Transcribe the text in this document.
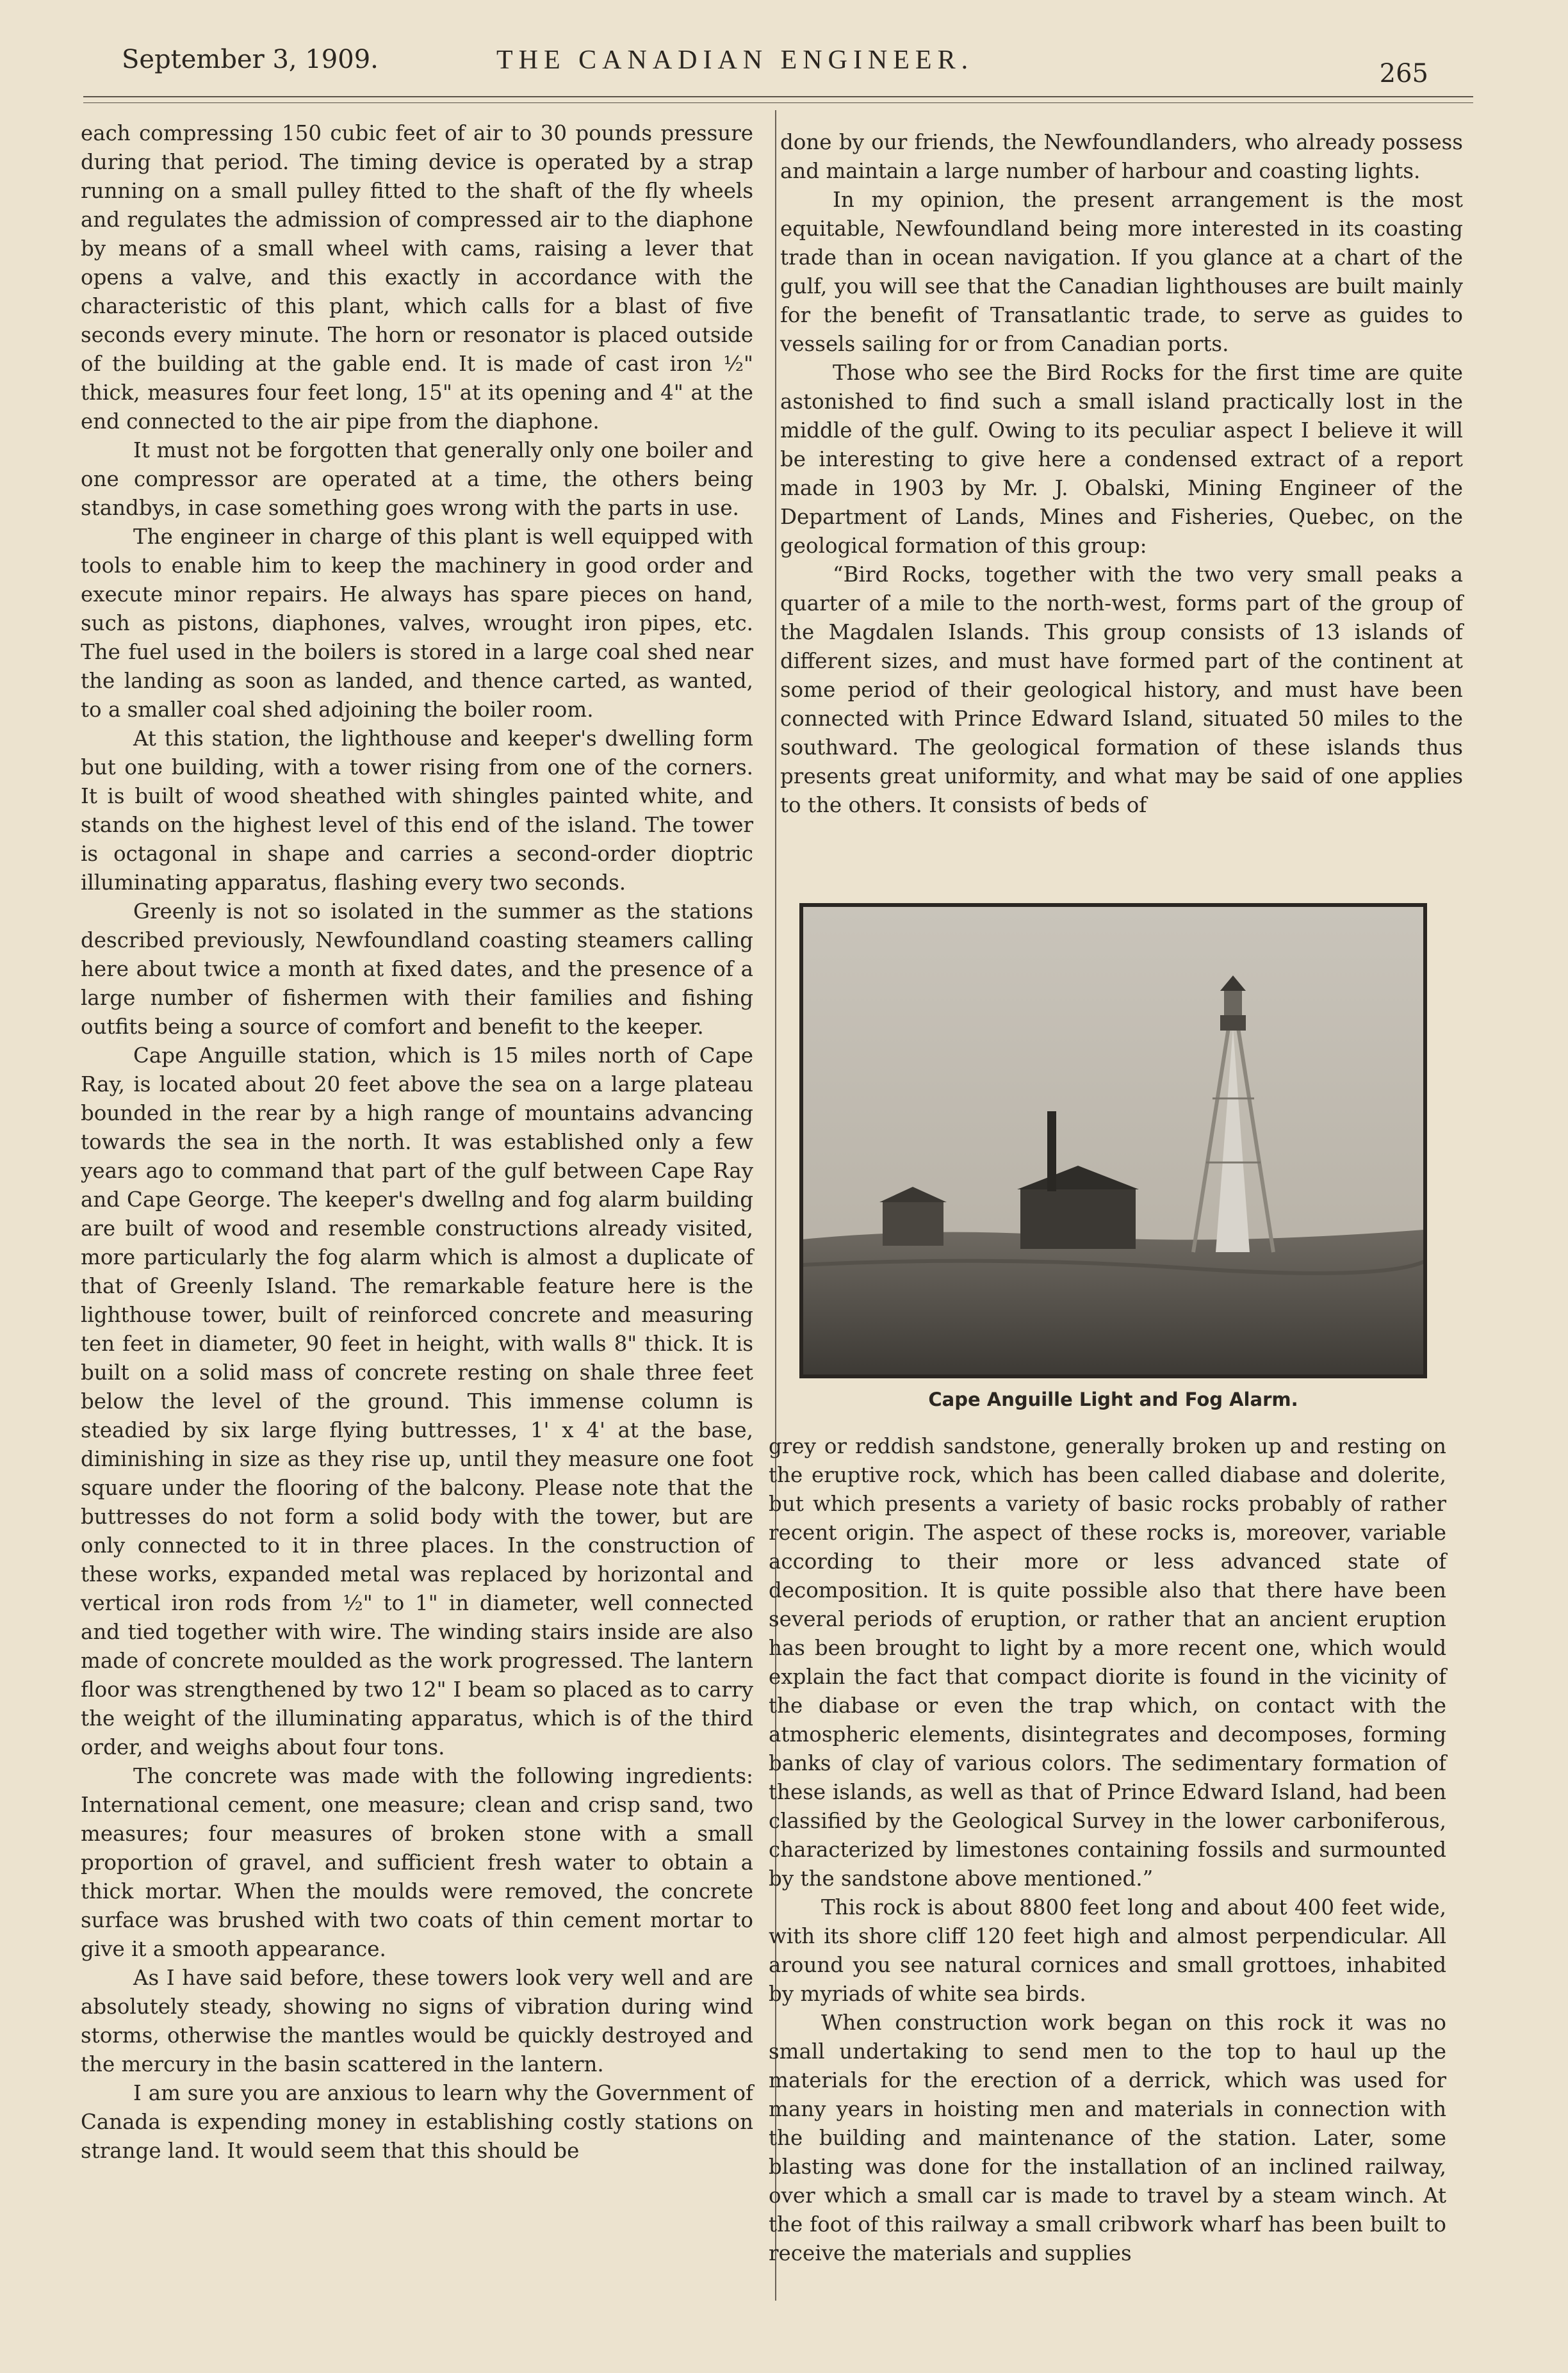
September 3, 1909.	THE CANADIAN ENGINEER.	265

each compressing 150 cubic feet of air to 30 pounds pressure during that period. The timing device is operated by a strap running on a small pulley fitted to the shaft of the fly wheels and regulates the admission of compressed air to the diaphone by means of a small wheel with cams, raising a lever that opens a valve, and this exactly in accordance with the characteristic of this plant, which calls for a blast of five seconds every minute. The horn or resonator is placed outside of the building at the gable end. It is made of cast iron ½" thick, measures four feet long, 15" at its opening and 4" at the end connected to the air pipe from the diaphone.

It must not be forgotten that generally only one boiler and one compressor are operated at a time, the others being standbys, in case something goes wrong with the parts in use.

The engineer in charge of this plant is well equipped with tools to enable him to keep the machinery in good order and execute minor repairs. He always has spare pieces on hand, such as pistons, diaphones, valves, wrought iron pipes, etc. The fuel used in the boilers is stored in a large coal shed near the landing as soon as landed, and thence carted, as wanted, to a smaller coal shed adjoining the boiler room.

At this station, the lighthouse and keeper's dwelling form but one building, with a tower rising from one of the corners. It is built of wood sheathed with shingles painted white, and stands on the highest level of this end of the island. The tower is octagonal in shape and carries a second-order dioptric illuminating apparatus, flashing every two seconds.

Greenly is not so isolated in the summer as the stations described previously, Newfoundland coasting steamers calling here about twice a month at fixed dates, and the presence of a large number of fishermen with their families and fishing outfits being a source of comfort and benefit to the keeper.

Cape Anguille station, which is 15 miles north of Cape Ray, is located about 20 feet above the sea on a large plateau bounded in the rear by a high range of mountains advancing towards the sea in the north. It was established only a few years ago to command that part of the gulf between Cape Ray and Cape George. The keeper's dwellng and fog alarm building are built of wood and resemble constructions already visited, more particularly the fog alarm which is almost a duplicate of that of Greenly Island. The remarkable feature here is the lighthouse tower, built of reinforced concrete and measuring ten feet in diameter, 90 feet in height, with walls 8" thick. It is built on a solid mass of concrete resting on shale three feet below the level of the ground. This immense column is steadied by six large flying buttresses, 1' x 4' at the base, diminishing in size as they rise up, until they measure one foot square under the flooring of the balcony. Please note that the buttresses do not form a solid body with the tower, but are only connected to it in three places. In the construction of these works, expanded metal was replaced by horizontal and vertical iron rods from ½" to 1" in diameter, well connected and tied together with wire. The winding stairs inside are also made of concrete moulded as the work progressed. The lantern floor was strengthened by two 12" I beam so placed as to carry the weight of the illuminating apparatus, which is of the third order, and weighs about four tons.

The concrete was made with the following ingredients: International cement, one measure; clean and crisp sand, two measures; four measures of broken stone with a small proportion of gravel, and sufficient fresh water to obtain a thick mortar. When the moulds were removed, the concrete surface was brushed with two coats of thin cement mortar to give it a smooth appearance.

As I have said before, these towers look very well and are absolutely steady, showing no signs of vibration during wind storms, otherwise the mantles would be quickly destroyed and the mercury in the basin scattered in the lantern.

I am sure you are anxious to learn why the Government of Canada is expending money in establishing costly stations on strange land. It would seem that this should be

done by our friends, the Newfoundlanders, who already possess and maintain a large number of harbour and coasting lights.

In my opinion, the present arrangement is the most equitable, Newfoundland being more interested in its coasting trade than in ocean navigation. If you glance at a chart of the gulf, you will see that the Canadian lighthouses are built mainly for the benefit of Transatlantic trade, to serve as guides to vessels sailing for or from Canadian ports.

Those who see the Bird Rocks for the first time are quite astonished to find such a small island practically lost in the middle of the gulf. Owing to its peculiar aspect I believe it will be interesting to give here a condensed extract of a report made in 1903 by Mr. J. Obalski, Mining Engineer of the Department of Lands, Mines and Fisheries, Quebec, on the geological formation of this group:

“Bird Rocks, together with the two very small peaks a quarter of a mile to the north-west, forms part of the group of the Magdalen Islands. This group consists of 13 islands of different sizes, and must have formed part of the continent at some period of their geological history, and must have been connected with Prince Edward Island, situated 50 miles to the southward. The geological formation of these islands thus presents great uniformity, and what may be said of one applies to the others. It consists of beds of

Cape Anguille Light and Fog Alarm.

grey or reddish sandstone, generally broken up and resting on the eruptive rock, which has been called diabase and dolerite, but which presents a variety of basic rocks probably of rather recent origin. The aspect of these rocks is, moreover, variable according to their more or less advanced state of decomposition. It is quite possible also that there have been several periods of eruption, or rather that an ancient eruption has been brought to light by a more recent one, which would explain the fact that compact diorite is found in the vicinity of the diabase or even the trap which, on contact with the atmospheric elements, disintegrates and decomposes, forming banks of clay of various colors. The sedimentary formation of these islands, as well as that of Prince Edward Island, had been classified by the Geological Survey in the lower carboniferous, characterized by limestones containing fossils and surmounted by the sandstone above mentioned.”

This rock is about 8800 feet long and about 400 feet wide, with its shore cliff 120 feet high and almost perpendicular. All around you see natural cornices and small grottoes, inhabited by myriads of white sea birds.

When construction work began on this rock it was no small undertaking to send men to the top to haul up the materials for the erection of a derrick, which was used for many years in hoisting men and materials in connection with the building and maintenance of the station. Later, some blasting was done for the installation of an inclined railway, over which a small car is made to travel by a steam winch. At the foot of this railway a small cribwork wharf has been built to receive the materials and supplies
